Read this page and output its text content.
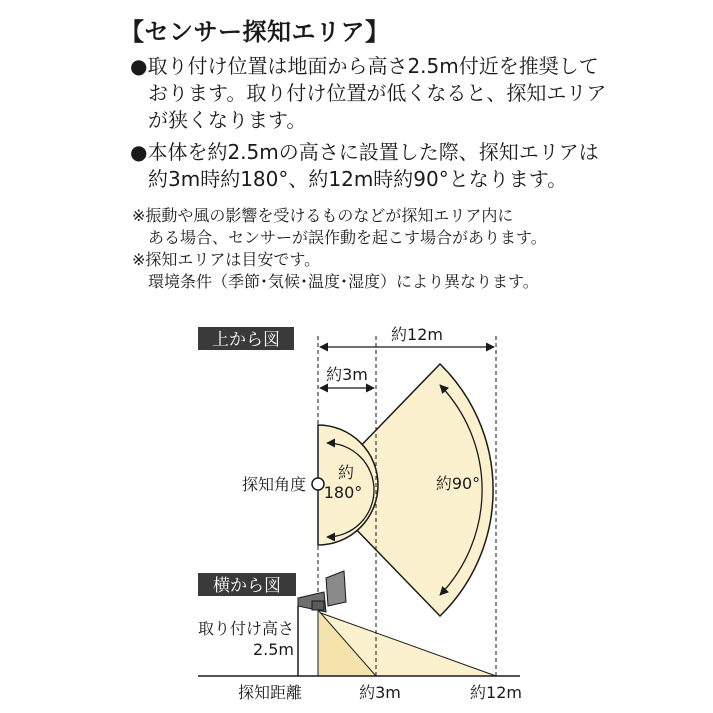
【センサー探知エリア】
●取り付け位置は地面から高さ2.5m付近を推奨して
おります。取り付け位置が低くなると、探知エリア
が狭くなります。
●本体を約2.5mの高さに設置した際、探知エリアは
約3m時約180°、約12m時約90°となります。
※振動や風の影響を受けるものなどが探知エリア内に
ある場合、センサーが誤作動を起こす場合があります。
※探知エリアは目安です。
環境条件（季節･気候･温度･湿度）により異なります。
上から図	約12m
約3m
探知角度
約
180°	約90°
横から図
取り付け高さ
2.5m
探知距離	約3m	約12m
